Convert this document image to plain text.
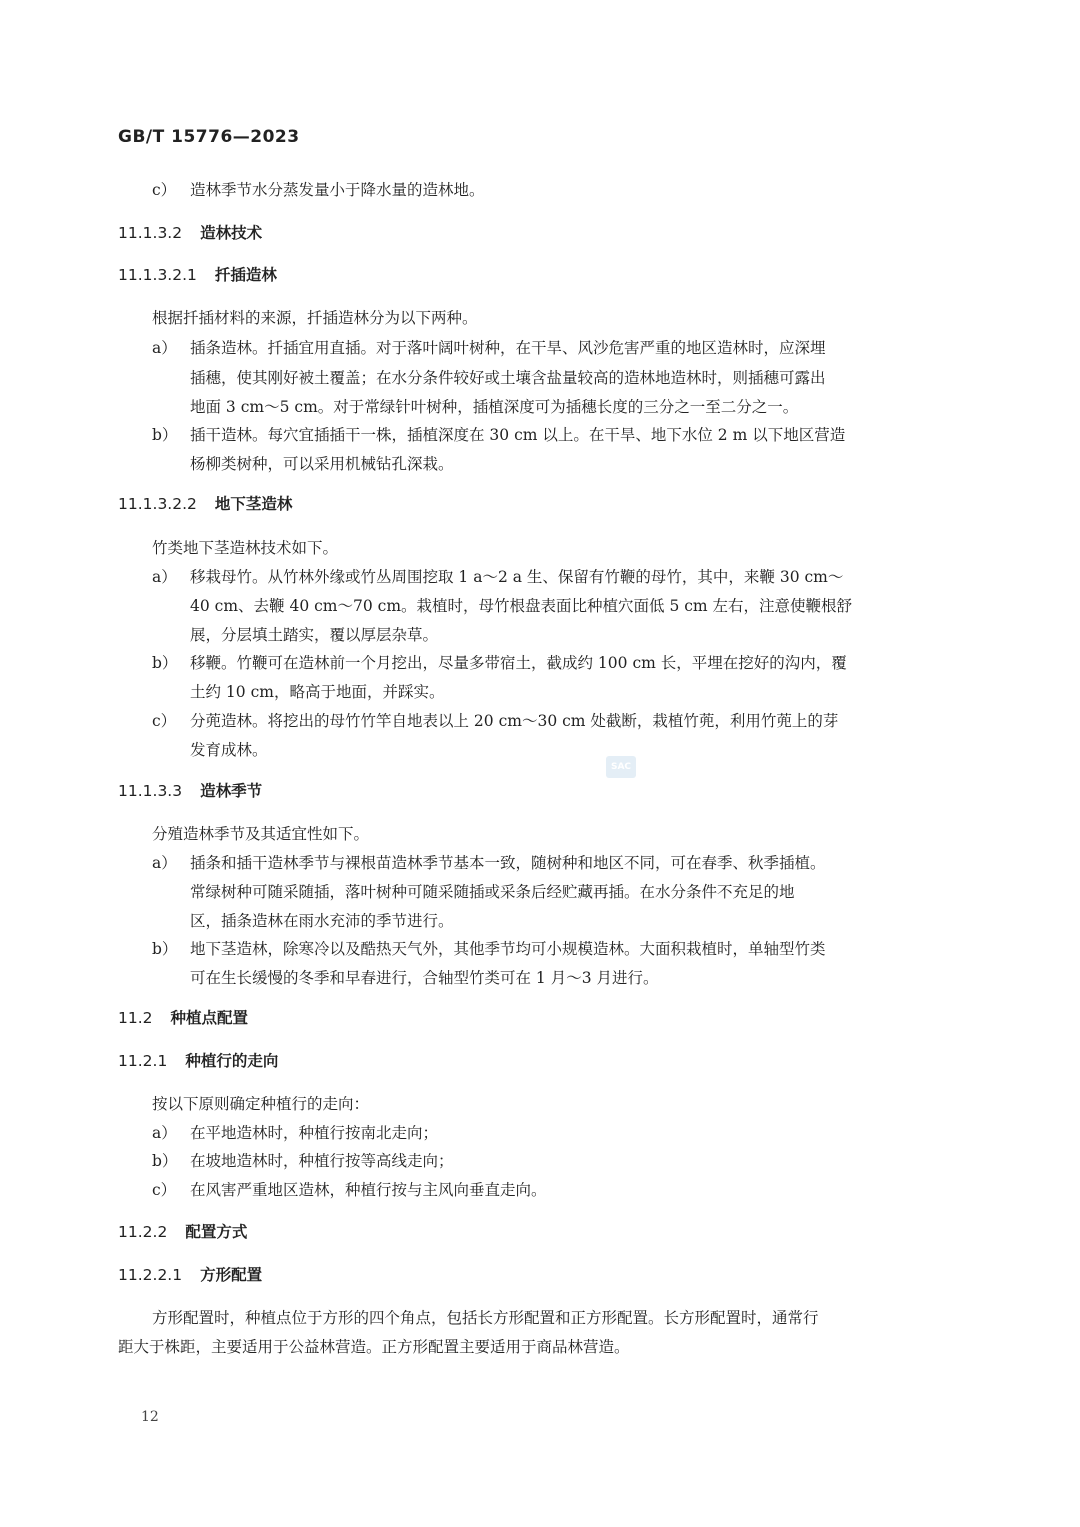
GB/T 15776—2023
c） 造林季节水分蒸发量小于降水量的造林地。
11.1.3.2 造林技术
11.1.3.2.1 扦插造林
根据扦插材料的来源，扦插造林分为以下两种。
a） 插条造林。扦插宜用直插。对于落叶阔叶树种，在干旱、风沙危害严重的地区造林时，应深埋
插穗，使其刚好被土覆盖；在水分条件较好或土壤含盐量较高的造林地造林时，则插穗可露出
地面 3 cm～5 cm。对于常绿针叶树种，插植深度可为插穗长度的三分之一至二分之一。
b） 插干造林。每穴宜插插干一株，插植深度在 30 cm 以上。在干旱、地下水位 2 m 以下地区营造
杨柳类树种，可以采用机械钻孔深栽。
11.1.3.2.2 地下茎造林
竹类地下茎造林技术如下。
a） 移栽母竹。从竹林外缘或竹丛周围挖取 1 a～2 a 生、保留有竹鞭的母竹，其中，来鞭 30 cm～
40 cm、去鞭 40 cm～70 cm。栽植时，母竹根盘表面比种植穴面低 5 cm 左右，注意使鞭根舒
展，分层填土踏实，覆以厚层杂草。
b） 移鞭。竹鞭可在造林前一个月挖出，尽量多带宿土，截成约 100 cm 长，平埋在挖好的沟内，覆
土约 10 cm，略高于地面，并踩实。
c） 分蔸造林。将挖出的母竹竹竿自地表以上 20 cm～30 cm 处截断，栽植竹蔸，利用竹蔸上的芽
发育成林。
SAC
11.1.3.3 造林季节
分殖造林季节及其适宜性如下。
a） 插条和插干造林季节与裸根苗造林季节基本一致，随树种和地区不同，可在春季、秋季插植。
常绿树种可随采随插，落叶树种可随采随插或采条后经贮藏再插。在水分条件不充足的地
区，插条造林在雨水充沛的季节进行。
b） 地下茎造林，除寒冷以及酷热天气外，其他季节均可小规模造林。大面积栽植时，单轴型竹类
可在生长缓慢的冬季和早春进行，合轴型竹类可在 1 月～3 月进行。
11.2 种植点配置
11.2.1 种植行的走向
按以下原则确定种植行的走向：
a） 在平地造林时，种植行按南北走向；
b） 在坡地造林时，种植行按等高线走向；
c） 在风害严重地区造林，种植行按与主风向垂直走向。
11.2.2 配置方式
11.2.2.1 方形配置
方形配置时，种植点位于方形的四个角点，包括长方形配置和正方形配置。长方形配置时，通常行
距大于株距，主要适用于公益林营造。正方形配置主要适用于商品林营造。
12
